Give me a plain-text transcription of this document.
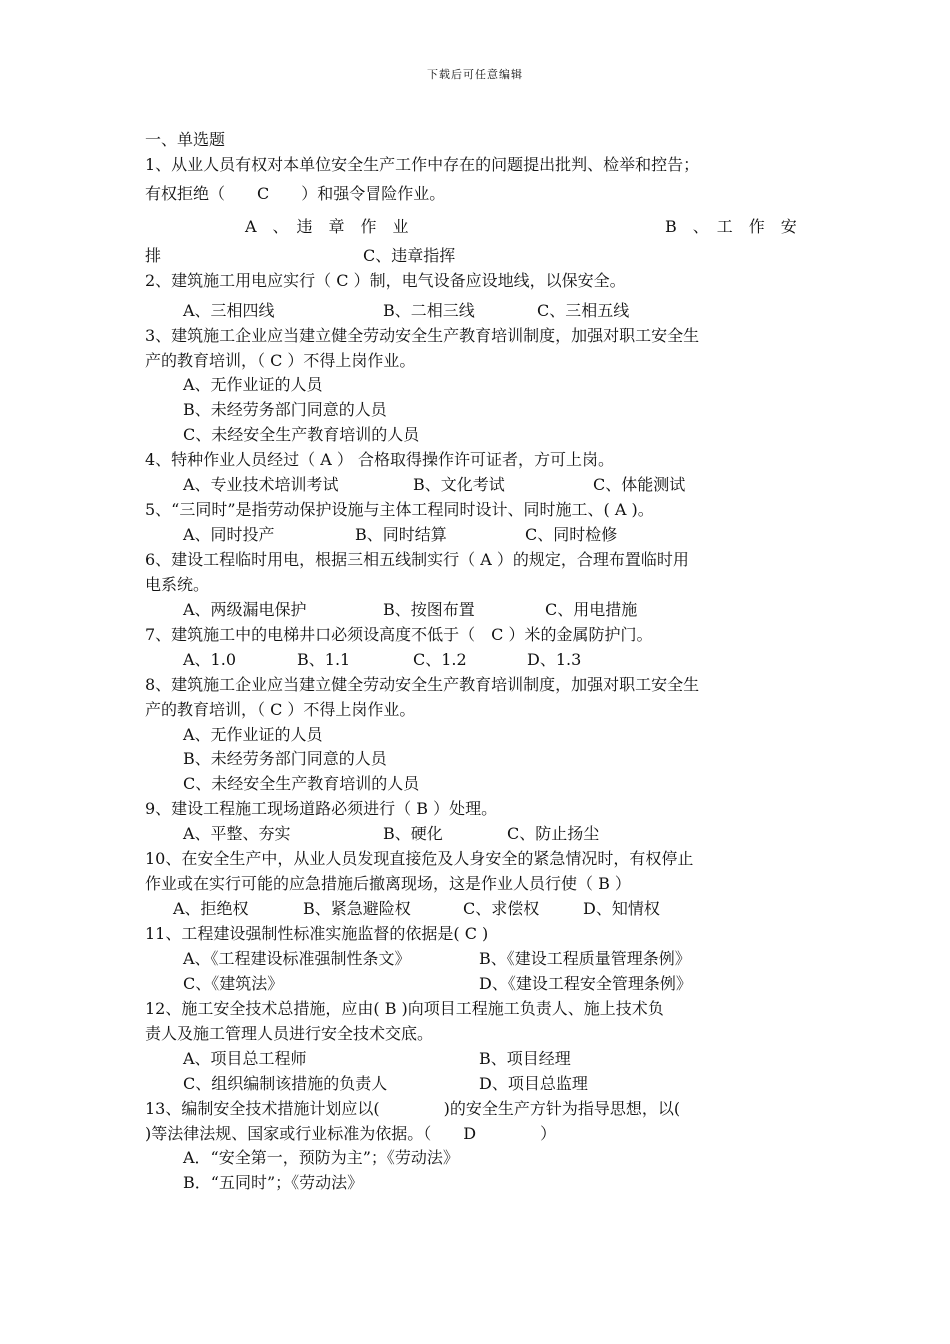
下载后可任意编辑
一、单选题
1、从业人员有权对本单位安全生产工作中存在的问题提出批判、检举和控告；
有权拒绝（　　C　　）和强令冒险作业。
A　、　违　章　作　业	B　、　工　作　安
排	C、违章指挥
2、建筑施工用电应实行（ C ）制，电气设备应设地线，以保安全。
A、三相四线	B、二相三线	C、三相五线
3、建筑施工企业应当建立健全劳动安全生产教育培训制度，加强对职工安全生
产的教育培训，（ C ）不得上岗作业。
A、无作业证的人员
B、未经劳务部门同意的人员
C、未经安全生产教育培训的人员
4、特种作业人员经过（ A ） 合格取得操作许可证者，方可上岗。
A、专业技术培训考试	B、文化考试	C、体能测试
5、“三同时”是指劳动保护设施与主体工程同时设计、同时施工、( A )。
A、同时投产	B、同时结算	C、同时检修
6、建设工程临时用电，根据三相五线制实行（ A ）的规定，合理布置临时用
电系统。
A、两级漏电保护	B、按图布置	C、用电措施
7、建筑施工中的电梯井口必须设高度不低于（　C ）米的金属防护门。
A、1.0	B、1.1	C、1.2	D、1.3
8、建筑施工企业应当建立健全劳动安全生产教育培训制度，加强对职工安全生
产的教育培训，（ C ）不得上岗作业。
A、无作业证的人员
B、未经劳务部门同意的人员
C、未经安全生产教育培训的人员
9、建设工程施工现场道路必须进行（ B ）处理。
A、平整、夯实	B、硬化	C、防止扬尘
10、在安全生产中，从业人员发现直接危及人身安全的紧急情况时，有权停止
作业或在实行可能的应急措施后撤离现场，这是作业人员行使（ B ）
A、拒绝权	B、紧急避险权	C、求偿权	D、知情权
11、工程建设强制性标准实施监督的依据是( C )
A、《工程建设标准强制性条文》	B、《建设工程质量管理条例》
C、《建筑法》	D、《建设工程安全管理条例》
12、施工安全技术总措施，应由( B )向项目工程施工负责人、施上技术负
责人及施工管理人员进行安全技术交底。
A、项目总工程师	B、项目经理
C、组织编制该措施的负责人	D、项目总监理
13、编制安全技术措施计划应以(　　　　)的安全生产方针为指导思想，以(
)等法律法规、国家或行业标准为依据。（　　D　　　　）
A．“安全第一，预防为主”；《劳动法》
B．“五同时”；《劳动法》
